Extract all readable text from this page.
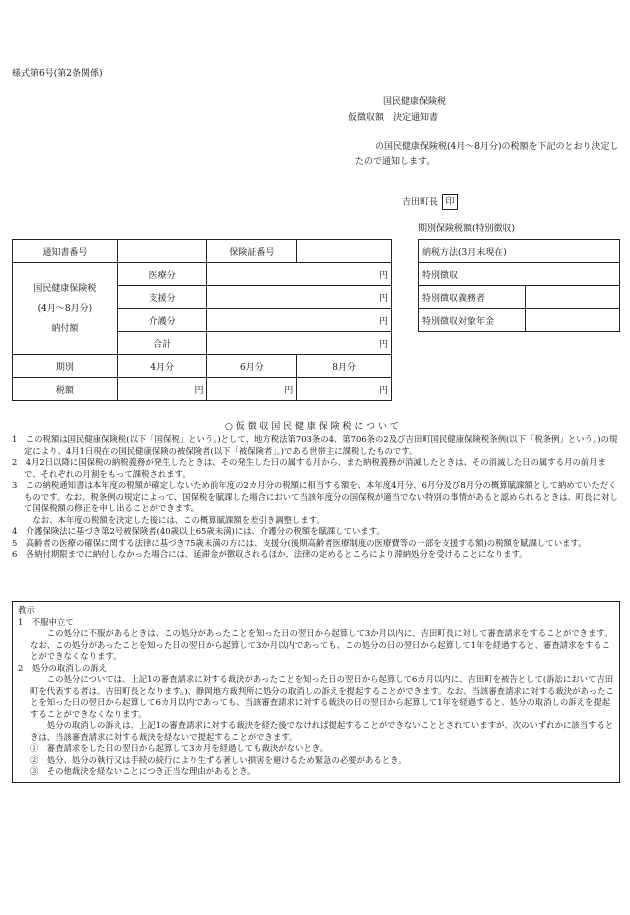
様式第6号(第2条関係)
国民健康保険税
仮徴収額　決定通知書
の国民健康保険税(4月～8月分)の税額を下記のとおり決定したので通知します。
吉田町長 印
期別保険税額(特別徴収)
通知書番号		保険証番号	

国民健康保険税
(4月～8月分)
納付額	医療分	円	
	支援分	円	
	介護分	円	
	合計	円	
期別	4月分	6月分	8月分
税額	円	円	円
納税方法(3月末現在)	
特別徴収	
特別徴収義務者	
特別徴収対象年金	
○ 仮 徴 収 国 民 健 康 保 険 税 に つ い て

1　この税額は国民健康保険税(以下「国保税」という。)として、地方税法第703条の4、第706条の2及び吉田町国民健康保険税条例(以下「税条例」という。)の規定により、4月1日現在の国民健康保険の被保険者(以下「被保険者」。)である世帯主に課税したものです。

2　4月2日以降に国保税の納税義務が発生したときは、その発生した日の属する月から、また納税義務が消滅したときは、その消滅した日の属する月の前月まで、それぞれの月割をもって課税されます。

3　この納税通知書は本年度の税額が確定しないため前年度の2カ月分の税額に相当する額を、本年度4月分、6月分及び8月分の概算賦課額として納めていただくものです。なお、税条例の規定によって、国保税を賦課した場合において当該年度分の国保税が適当でない特別の事情があると認められるときは、町長に対して国保税額の修正を申し出ることができます。

　なお、本年度の税額を決定した後には、この概算賦課額を差引き調整します。

4　介護保険法に基づき第2号被保険者(40歳以上65歳未満)には、介護分の税額を賦課しています。

5　高齢者の医療の確保に関する法律に基づき75歳未満の方には、支援分(後期高齢者医療制度の医療費等の一部を支援する額)の税額を賦課しています。

6　各納付期限までに納付しなかった場合には、延滞金が徴収されるほか、法律の定めるところにより滞納処分を受けることになります。

教示

1　不服申立て

　　この処分に不服があるときは、この処分があったことを知った日の翌日から起算して3か月以内に、吉田町長に対して審査請求をすることができます。なお、この処分があったことを知った日の翌日から起算して3か月以内であっても、この処分の日の翌日から起算して1年を経過すると、審査請求をすることができなくなります。

2　処分の取消しの訴え

　　この処分については、上記1の審査請求に対する裁決があったことを知った日の翌日から起算して6カ月以内に、吉田町を被告として(訴訟において吉田町を代表する者は、吉田町長となります。)、静岡地方裁判所に処分の取消しの訴えを提起することができます。なお、当該審査請求に対する裁決があったことを知った日の翌日から起算して6カ月以内であっても、当該審査請求に対する裁決の日の翌日から起算して1年を経過すると、処分の取消しの訴えを提起することができなくなります。

　　処分の取消しの訴えは、上記1の審査請求に対する裁決を経た後でなければ提起することができないこととされていますが、次のいずれかに該当するときは、当該審査請求に対する裁決を経ないで提起することができます。

①　審査請求をした日の翌日から起算して3カ月を経過しても裁決がないとき。

②　処分、処分の執行又は手続の続行により生ずる著しい損害を避けるため緊急の必要があるとき。

③　その他裁決を経ないことにつき正当な理由があるとき。
